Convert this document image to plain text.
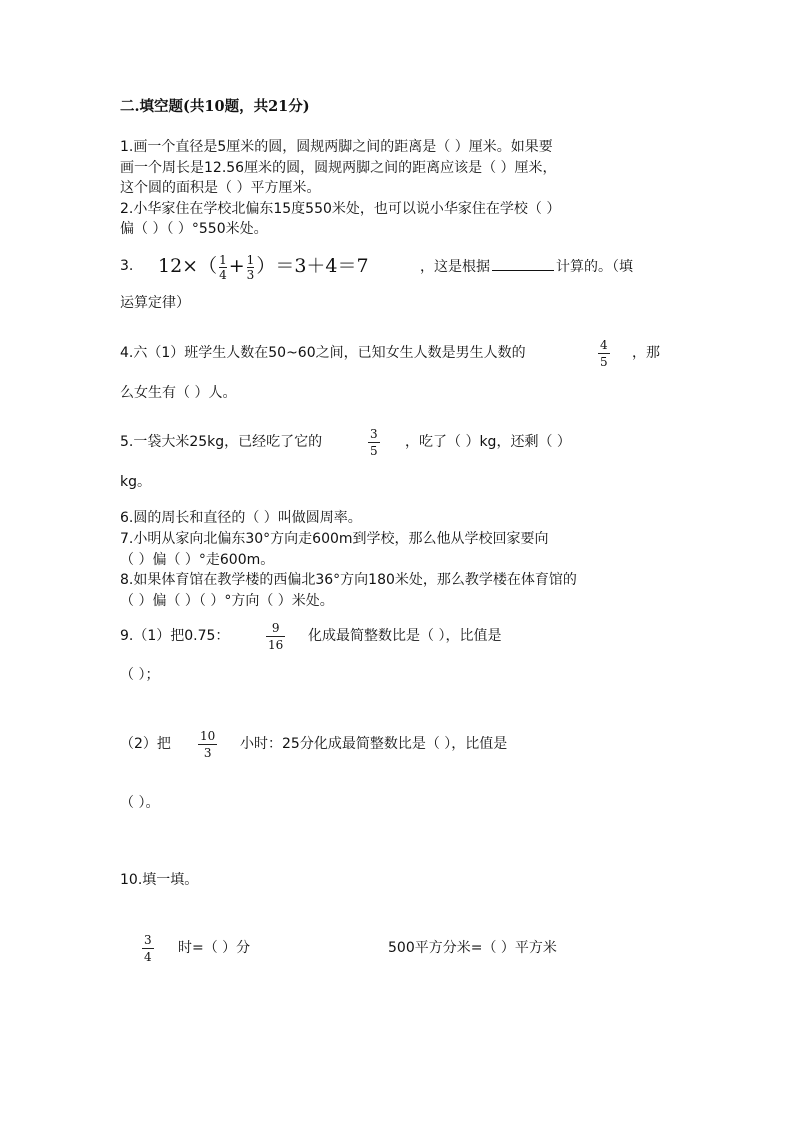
二.填空题(共10题，共21分)
1.画一个直径是5厘米的圆，圆规两脚之间的距离是（ ）厘米。如果要
画一个周长是12.56厘米的圆，圆规两脚之间的距离应该是（ ）厘米，
这个圆的面积是（ ）平方厘米。
2.小华家住在学校北偏东15度550米处，也可以说小华家住在学校（ ）
偏（ ）（ ）°550米处。
3. $12\times( \frac{1}{4} + \frac{1}{3} )=3+4=7$	，这是根据	计算的。（填
运算定律）
4.六（1）班学生人数在50~60之间，已知女生人数是男生人数的	4
5
，那
么女生有（ ）人。
5.一袋大米25kg，已经吃了它的	3
5
，吃了（ ）kg，还剩（ ）
kg。
6.圆的周长和直径的（ ）叫做圆周率。
7.小明从家向北偏东30°方向走600m到学校，那么他从学校回家要向
（ ）偏（ ）°走600m。
8.如果体育馆在教学楼的西偏北36°方向180米处，那么教学楼在体育馆的
（ ）偏（ ）（ ）°方向（ ）米处。
9.（1）把0.75：	9
16
化成最简整数比是（ ），比值是
（ ）；
（2）把 10
3
小时：25分化成最简整数比是（ ），比值是
（ ）。
10.填一填。
3
4
时=（ ）分	500平方分米=（ ）平方米
